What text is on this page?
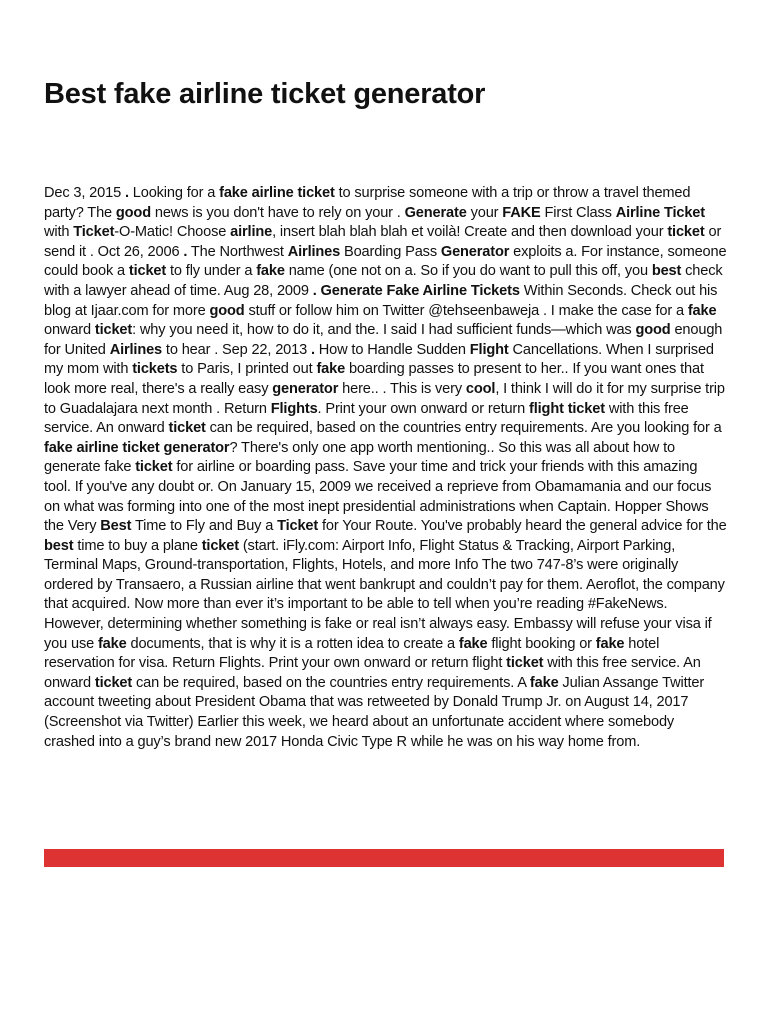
Best fake airline ticket generator

Dec 3, 2015 . Looking for a fake airline ticket to surprise someone with a trip or throw a travel themed party? The good news is you don't have to rely on your . Generate your FAKE First Class Airline Ticket with Ticket-O-Matic! Choose airline, insert blah blah blah et voilà! Create and then download your ticket or send it . Oct 26, 2006 . The Northwest Airlines Boarding Pass Generator exploits a. For instance, someone could book a ticket to fly under a fake name (one not on a. So if you do want to pull this off, you best check with a lawyer ahead of time. Aug 28, 2009 . Generate Fake Airline Tickets Within Seconds. Check out his blog at Ijaar.com for more good stuff or follow him on Twitter @tehseenbaweja . I make the case for a fake onward ticket: why you need it, how to do it, and the. I said I had sufficient funds—which was good enough for United Airlines to hear . Sep 22, 2013 . How to Handle Sudden Flight Cancellations. When I surprised my mom with tickets to Paris, I printed out fake boarding passes to present to her.. If you want ones that look more real, there's a really easy generator here.. . This is very cool, I think I will do it for my surprise trip to Guadalajara next month . Return Flights. Print your own onward or return flight ticket with this free service. An onward ticket can be required, based on the countries entry requirements. Are you looking for a fake airline ticket generator? There's only one app worth mentioning.. So this was all about how to generate fake ticket for airline or boarding pass. Save your time and trick your friends with this amazing tool. If you've any doubt or. On January 15, 2009 we received a reprieve from Obamamania and our focus on what was forming into one of the most inept presidential administrations when Captain. Hopper Shows the Very Best Time to Fly and Buy a Ticket for Your Route. You've probably heard the general advice for the best time to buy a plane ticket (start. iFly.com: Airport Info, Flight Status & Tracking, Airport Parking, Terminal Maps, Ground-transportation, Flights, Hotels, and more Info The two 747-8’s were originally ordered by Transaero, a Russian airline that went bankrupt and couldn’t pay for them. Aeroflot, the company that acquired. Now more than ever it’s important to be able to tell when you’re reading #FakeNews. However, determining whether something is fake or real isn’t always easy. Embassy will refuse your visa if you use fake documents, that is why it is a rotten idea to create a fake flight booking or fake hotel reservation for visa. Return Flights. Print your own onward or return flight ticket with this free service. An onward ticket can be required, based on the countries entry requirements. A fake Julian Assange Twitter account tweeting about President Obama that was retweeted by Donald Trump Jr. on August 14, 2017 (Screenshot via Twitter) Earlier this week, we heard about an unfortunate accident where somebody crashed into a guy’s brand new 2017 Honda Civic Type R while he was on his way home from.
